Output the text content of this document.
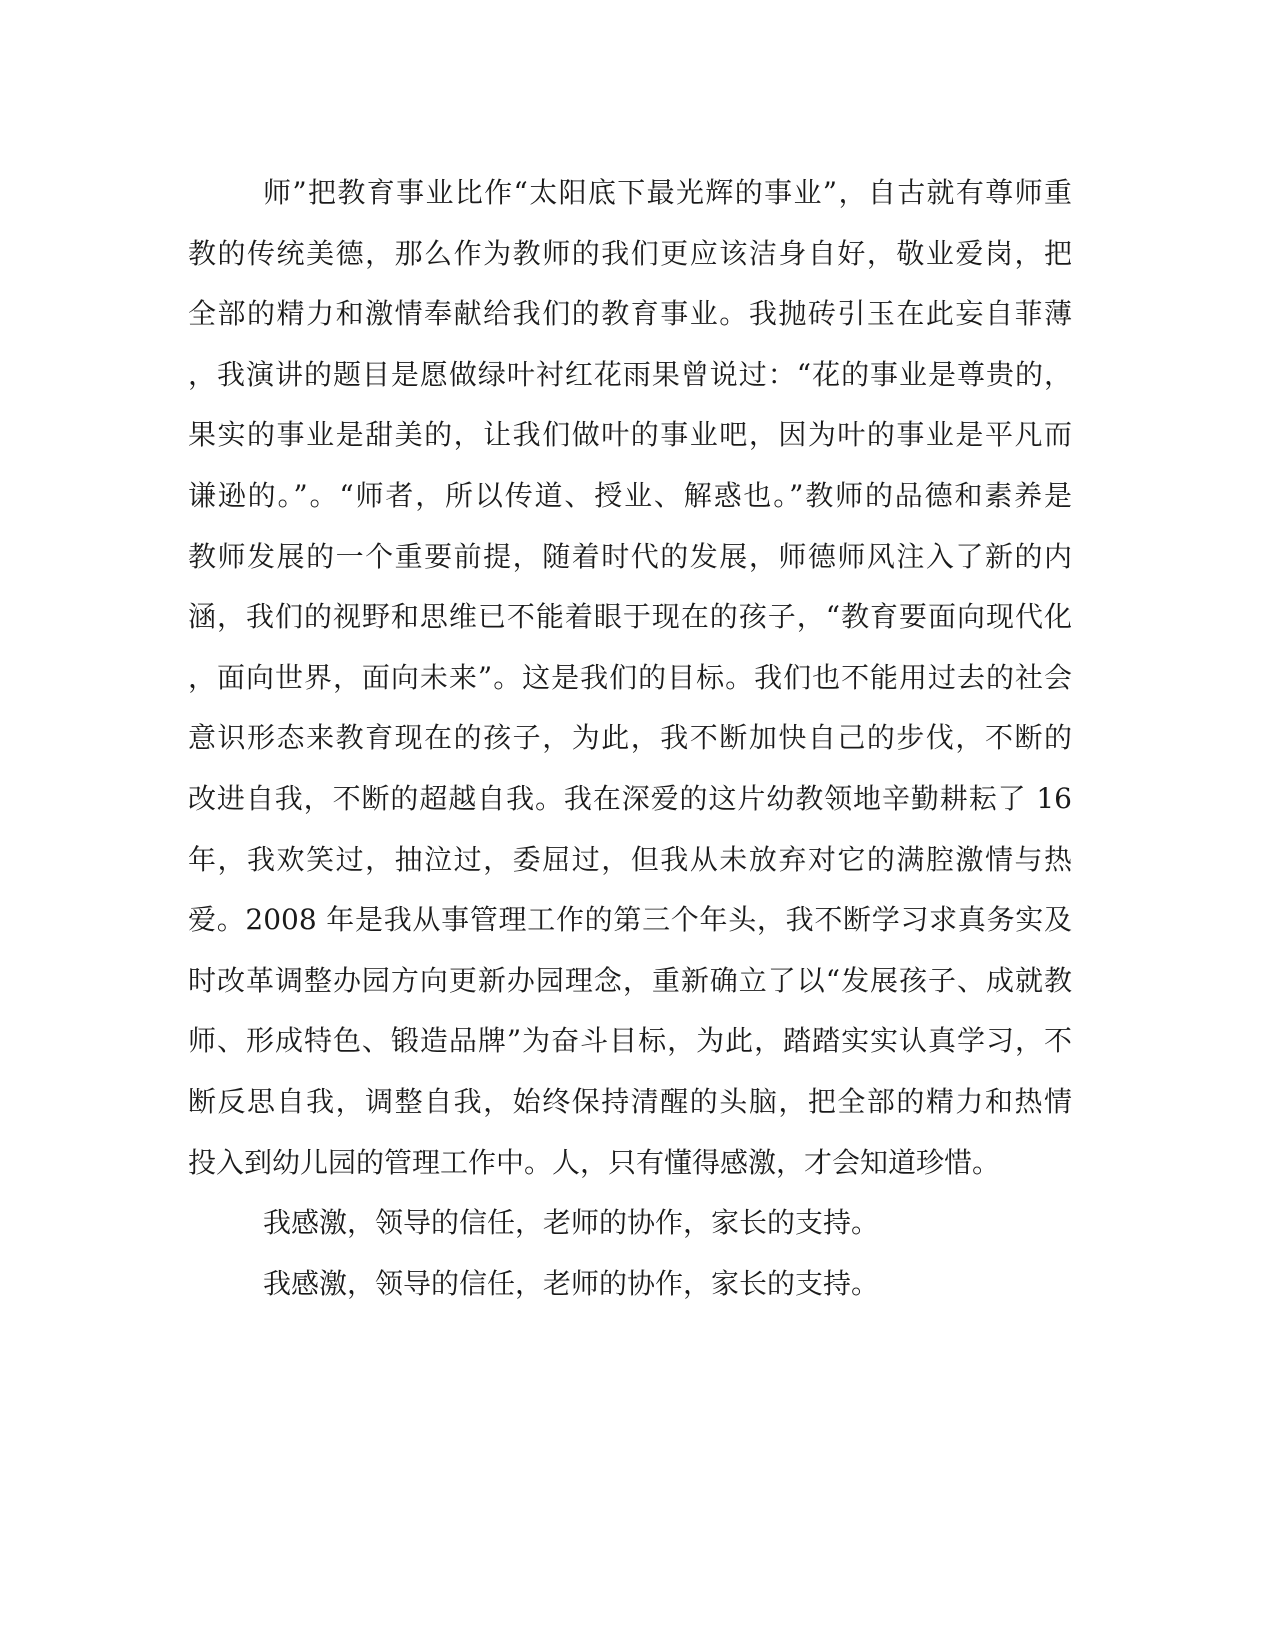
师”把教育事业比作“太阳底下最光辉的事业”，自古就有尊师重
教的传统美德，那么作为教师的我们更应该洁身自好，敬业爱岗，把
全部的精力和激情奉献给我们的教育事业。我抛砖引玉在此妄自菲薄
，我演讲的题目是愿做绿叶衬红花雨果曾说过：“花的事业是尊贵的，
果实的事业是甜美的，让我们做叶的事业吧，因为叶的事业是平凡而
谦逊的。”。“师者，所以传道、授业、解惑也。”教师的品德和素养是
教师发展的一个重要前提，随着时代的发展，师德师风注入了新的内
涵，我们的视野和思维已不能着眼于现在的孩子，“教育要面向现代化
，面向世界，面向未来”。这是我们的目标。我们也不能用过去的社会
意识形态来教育现在的孩子，为此，我不断加快自己的步伐，不断的
改进自我，不断的超越自我。我在深爱的这片幼教领地辛勤耕耘了 16
年，我欢笑过，抽泣过，委屈过，但我从未放弃对它的满腔激情与热
爱。2008 年是我从事管理工作的第三个年头，我不断学习求真务实及
时改革调整办园方向更新办园理念，重新确立了以“发展孩子、成就教
师、形成特色、锻造品牌”为奋斗目标，为此，踏踏实实认真学习，不
断反思自我，调整自我，始终保持清醒的头脑，把全部的精力和热情
投入到幼儿园的管理工作中。人，只有懂得感激，才会知道珍惜。
我感激，领导的信任，老师的协作，家长的支持。
我感激，领导的信任，老师的协作，家长的支持。
